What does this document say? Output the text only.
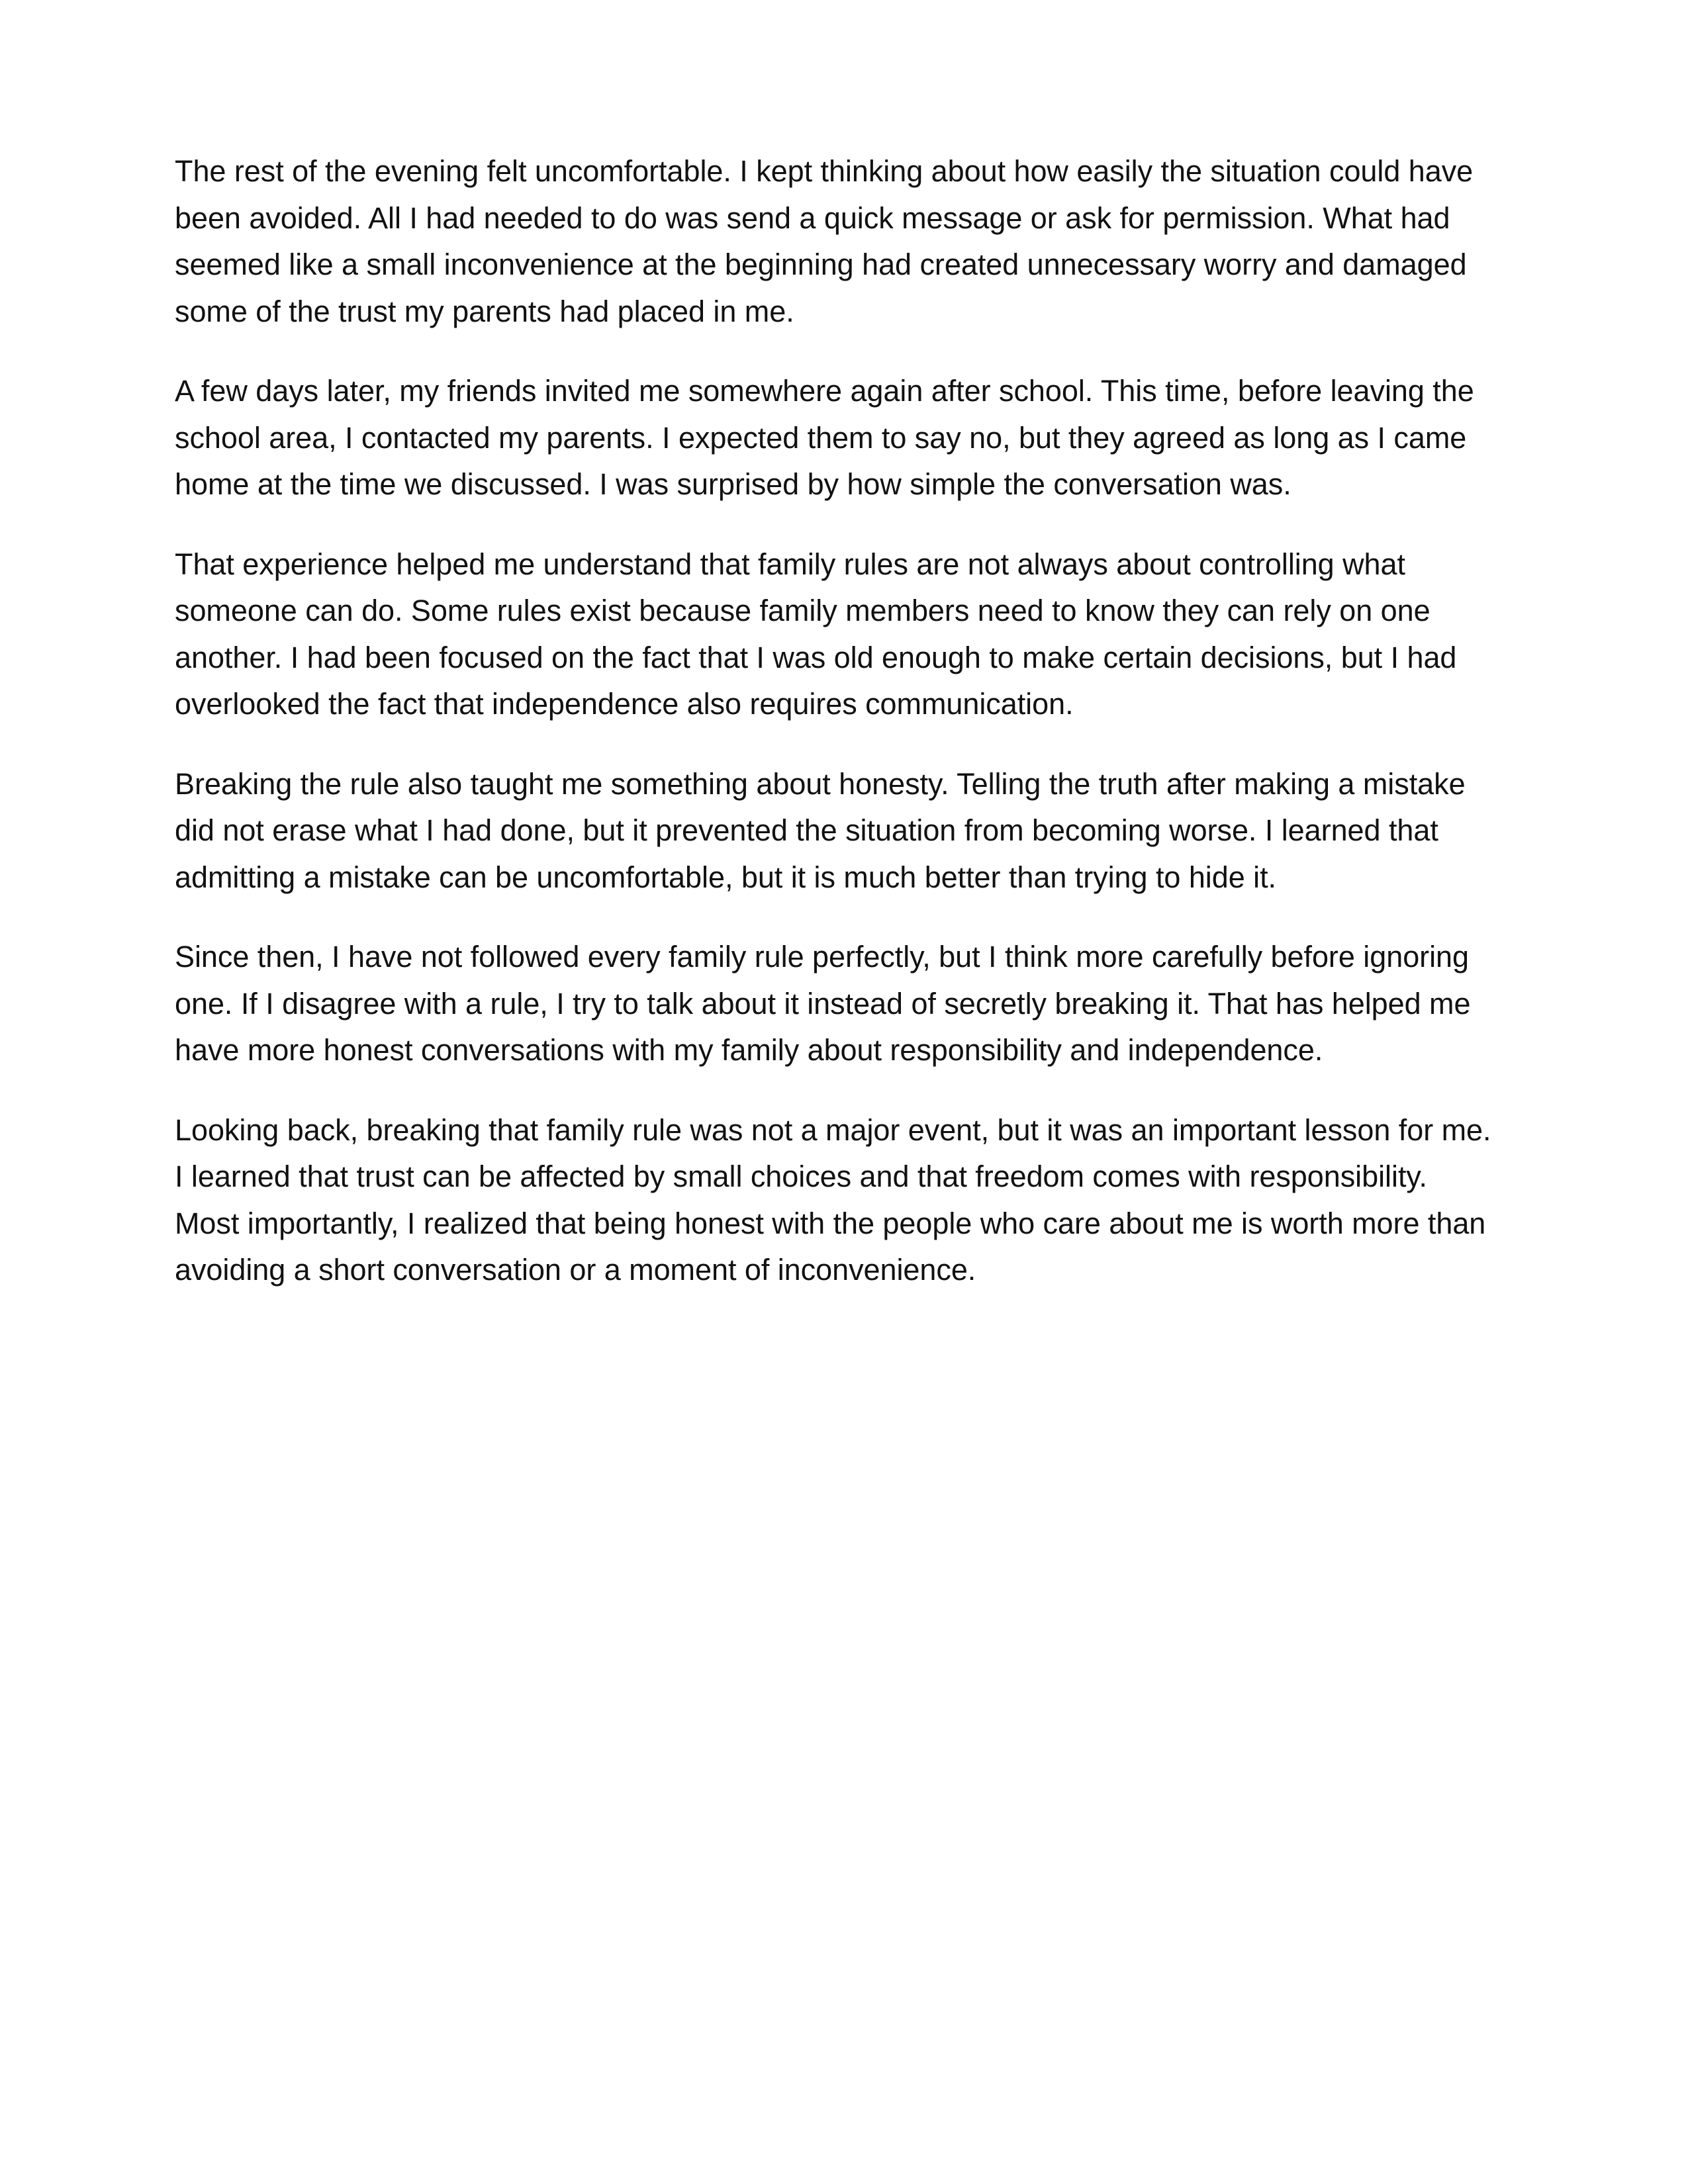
The rest of the evening felt uncomfortable. I kept thinking about how easily the situation could have
been avoided. All I had needed to do was send a quick message or ask for permission. What had
seemed like a small inconvenience at the beginning had created unnecessary worry and damaged
some of the trust my parents had placed in me.

A few days later, my friends invited me somewhere again after school. This time, before leaving the
school area, I contacted my parents. I expected them to say no, but they agreed as long as I came
home at the time we discussed. I was surprised by how simple the conversation was.

That experience helped me understand that family rules are not always about controlling what
someone can do. Some rules exist because family members need to know they can rely on one
another. I had been focused on the fact that I was old enough to make certain decisions, but I had
overlooked the fact that independence also requires communication.

Breaking the rule also taught me something about honesty. Telling the truth after making a mistake
did not erase what I had done, but it prevented the situation from becoming worse. I learned that
admitting a mistake can be uncomfortable, but it is much better than trying to hide it.

Since then, I have not followed every family rule perfectly, but I think more carefully before ignoring
one. If I disagree with a rule, I try to talk about it instead of secretly breaking it. That has helped me
have more honest conversations with my family about responsibility and independence.

Looking back, breaking that family rule was not a major event, but it was an important lesson for me.
I learned that trust can be affected by small choices and that freedom comes with responsibility.
Most importantly, I realized that being honest with the people who care about me is worth more than
avoiding a short conversation or a moment of inconvenience.
